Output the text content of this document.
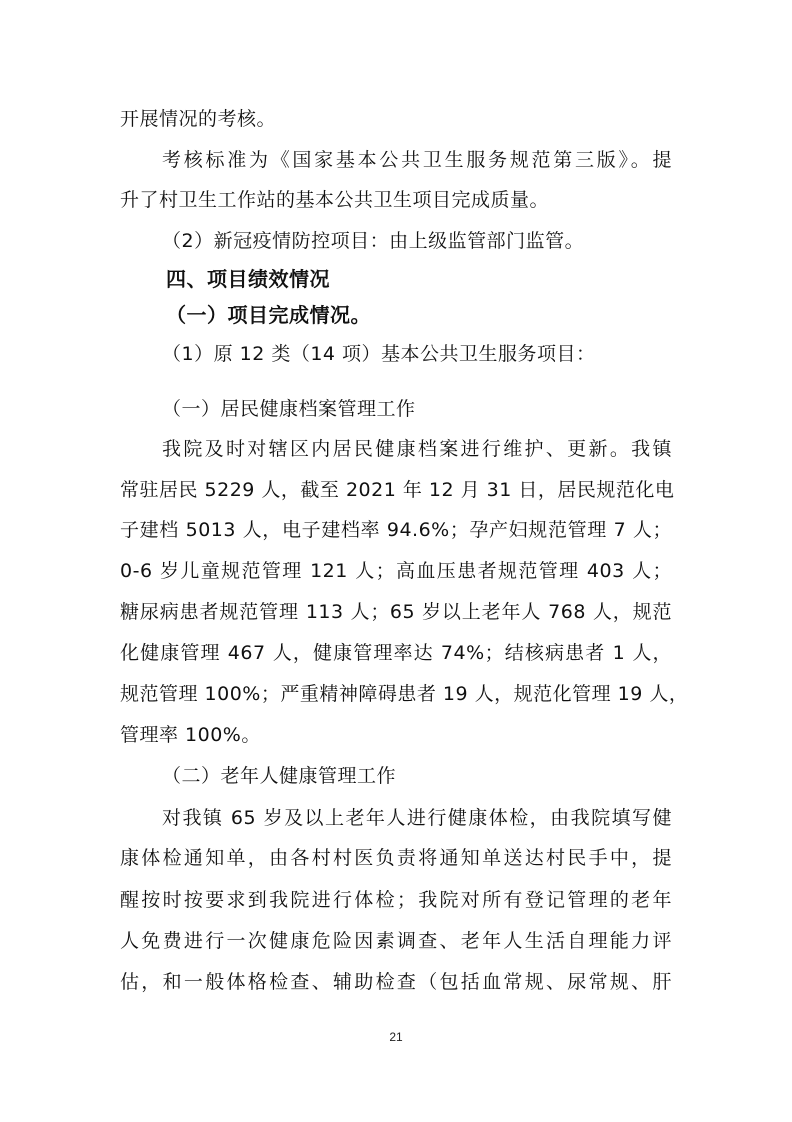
开展情况的考核。
考核标准为《国家基本公共卫生服务规范第三版》。提
升了村卫生工作站的基本公共卫生项目完成质量。
（2）新冠疫情防控项目：由上级监管部门监管。
四、项目绩效情况
（一）项目完成情况。
（1）原 12 类（14 项）基本公共卫生服务项目：
（一）居民健康档案管理工作
我院及时对辖区内居民健康档案进行维护、更新。我镇
常驻居民 5229 人，截至 2021 年 12 月 31 日，居民规范化电
子建档 5013 人，电子建档率 94.6%；孕产妇规范管理 7 人；
0-6 岁儿童规范管理 121 人；高血压患者规范管理 403 人；
糖尿病患者规范管理 113 人；65 岁以上老年人 768 人，规范
化健康管理 467 人，健康管理率达 74%；结核病患者 1 人，
规范管理 100%；严重精神障碍患者 19 人，规范化管理 19 人，
管理率 100%。
（二）老年人健康管理工作
对我镇 65 岁及以上老年人进行健康体检，由我院填写健
康体检通知单，由各村村医负责将通知单送达村民手中，提
醒按时按要求到我院进行体检；我院对所有登记管理的老年
人免费进行一次健康危险因素调查、老年人生活自理能力评
估，和一般体格检查、辅助检查（包括血常规、尿常规、肝
21
